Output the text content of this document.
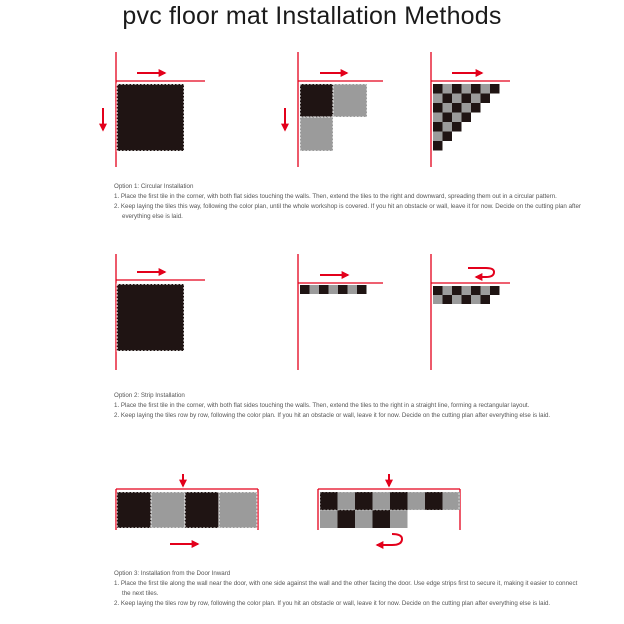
pvc floor mat Installation Methods
Option 1: Circular Installation
1. Place the first tile in the corner, with both flat sides touching the walls. Then, extend the tiles to the right and downward, spreading them out in a circular pattern.
2. Keep laying the tiles this way, following the color plan, until the whole workshop is covered. If you hit an obstacle or wall, leave it for now. Decide on the cutting plan after everything else is laid.
Option 2: Strip Installation
1. Place the first tile in the corner, with both flat sides touching the walls. Then, extend the tiles to the right in a straight line, forming a rectangular layout.
2. Keep laying the tiles row by row, following the color plan. If you hit an obstacle or wall, leave it for now. Decide on the cutting plan after everything else is laid.
Option 3: Installation from the Door Inward
1. Place the first tile along the wall near the door, with one side against the wall and the other facing the door. Use edge strips first to secure it, making it easier to connect the next tiles.
2. Keep laying the tiles row by row, following the color plan. If you hit an obstacle or wall, leave it for now. Decide on the cutting plan after everything else is laid.
